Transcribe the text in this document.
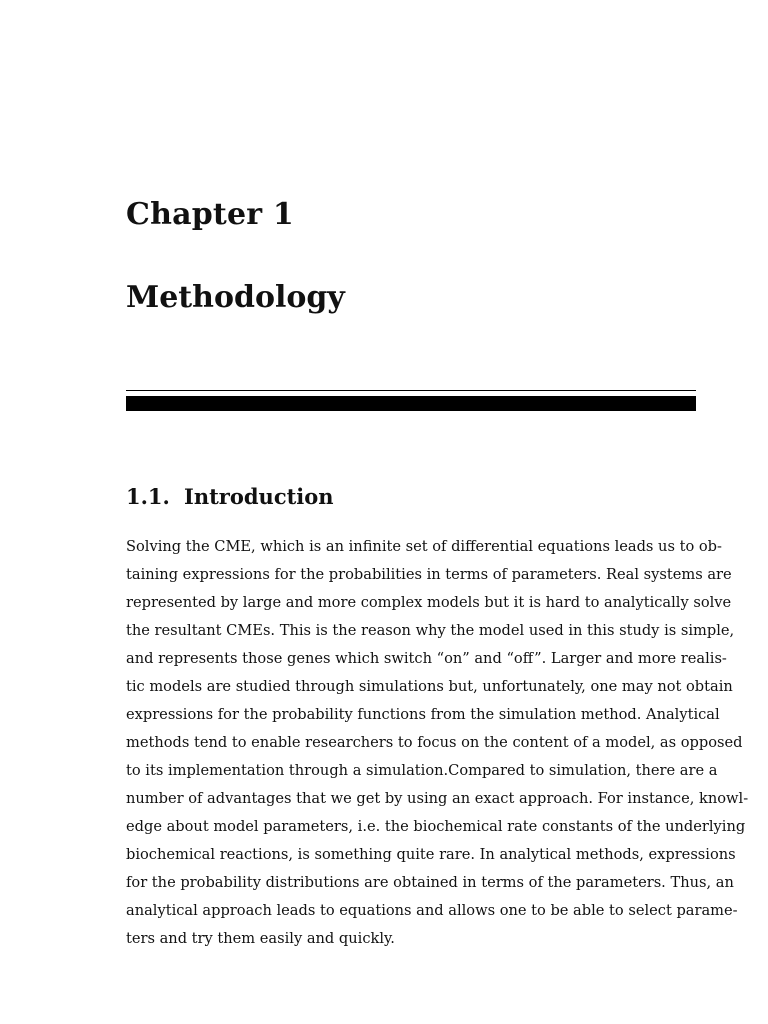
Chapter 1
Methodology
1.1. Introduction
Solving the CME, which is an infinite set of differential equations leads us to ob-
taining expressions for the probabilities in terms of parameters. Real systems are
represented by large and more complex models but it is hard to analytically solve
the resultant CMEs. This is the reason why the model used in this study is simple,
and represents those genes which switch “on” and “off”. Larger and more realis-
tic models are studied through simulations but, unfortunately, one may not obtain
expressions for the probability functions from the simulation method. Analytical
methods tend to enable researchers to focus on the content of a model, as opposed
to its implementation through a simulation.Compared to simulation, there are a
number of advantages that we get by using an exact approach. For instance, knowl-
edge about model parameters, i.e. the biochemical rate constants of the underlying
biochemical reactions, is something quite rare. In analytical methods, expressions
for the probability distributions are obtained in terms of the parameters. Thus, an
analytical approach leads to equations and allows one to be able to select parame-
ters and try them easily and quickly.
